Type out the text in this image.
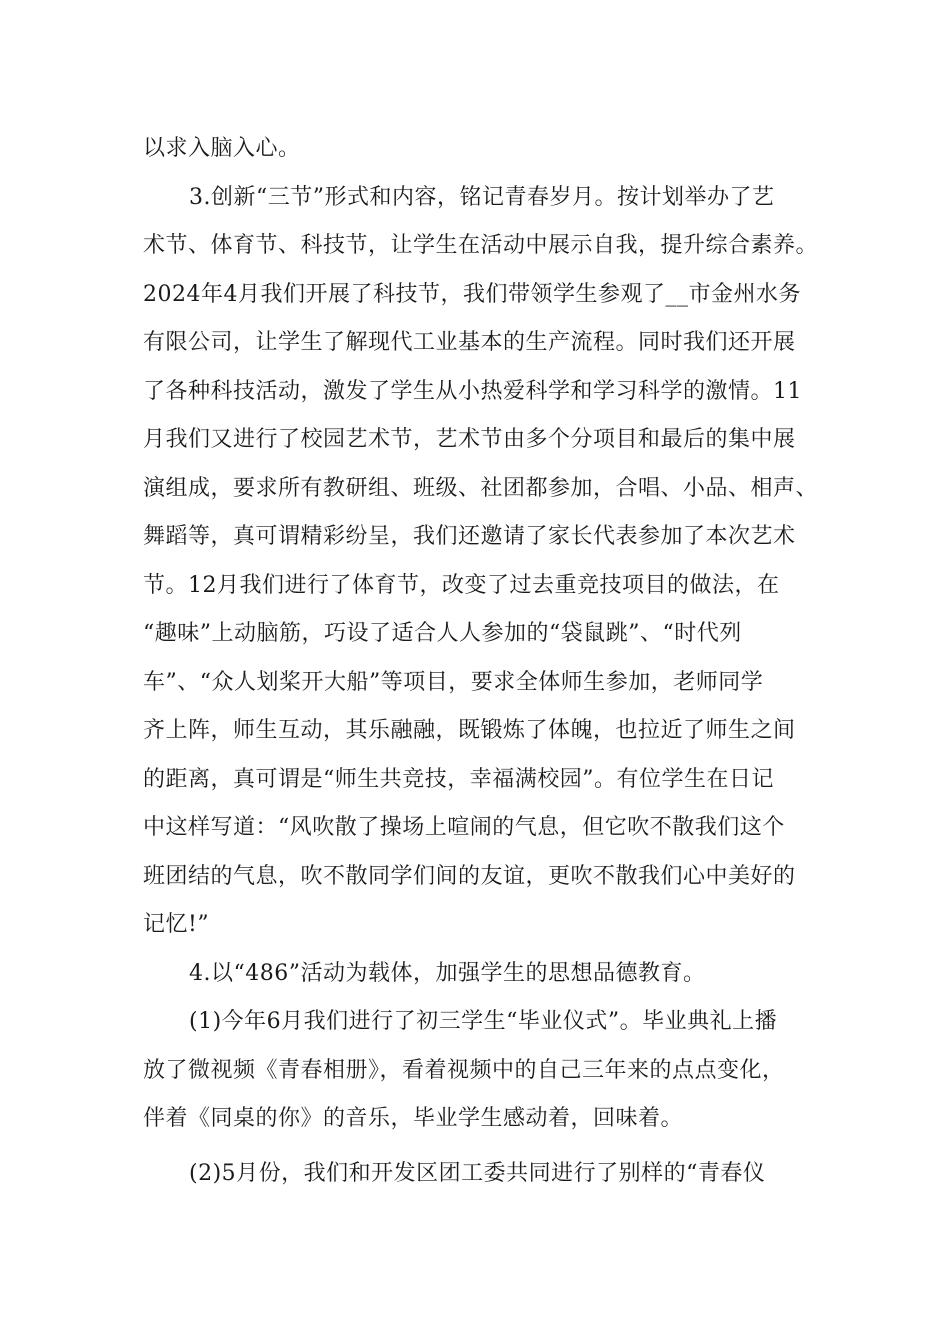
以求入脑入心。
3.创新“三节”形式和内容，铭记青春岁月。按计划举办了艺
术节、体育节、科技节，让学生在活动中展示自我，提升综合素养。
2024年4月我们开展了科技节，我们带领学生参观了__市金州水务
有限公司，让学生了解现代工业基本的生产流程。同时我们还开展
了各种科技活动，激发了学生从小热爱科学和学习科学的激情。11
月我们又进行了校园艺术节，艺术节由多个分项目和最后的集中展
演组成，要求所有教研组、班级、社团都参加，合唱、小品、相声、
舞蹈等，真可谓精彩纷呈，我们还邀请了家长代表参加了本次艺术
节。12月我们进行了体育节，改变了过去重竞技项目的做法，在
“趣味”上动脑筋，巧设了适合人人参加的“袋鼠跳”、“时代列
车”、“众人划桨开大船”等项目，要求全体师生参加，老师同学
齐上阵，师生互动，其乐融融，既锻炼了体魄，也拉近了师生之间
的距离，真可谓是“师生共竞技，幸福满校园”。有位学生在日记
中这样写道：“风吹散了操场上喧闹的气息，但它吹不散我们这个
班团结的气息，吹不散同学们间的友谊，更吹不散我们心中美好的
记忆!”
4.以“486”活动为载体，加强学生的思想品德教育。
(1)今年6月我们进行了初三学生“毕业仪式”。毕业典礼上播
放了微视频《青春相册》，看着视频中的自己三年来的点点变化，
伴着《同桌的你》的音乐，毕业学生感动着，回味着。
(2)5月份，我们和开发区团工委共同进行了别样的“青春仪
